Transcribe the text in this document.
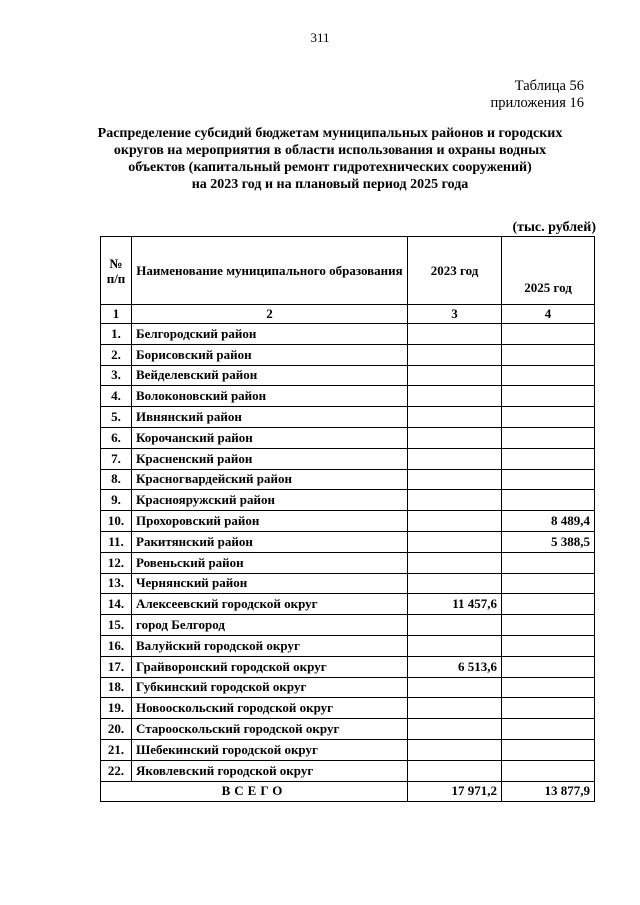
311
Таблица 56
приложения 16
Распределение субсидий бюджетам муниципальных районов и городских
округов на мероприятия в области использования и охраны водных
объектов (капитальный ремонт гидротехнических сооружений)
на 2023 год и на плановый период 2025 года
(тыс. рублей)
№ п/п	Наименование муниципального образования	2023 год	2025 год
1	2	3	4
1.	Белгородский район		
2.	Борисовский район		
3.	Вейделевский район		
4.	Волоконовский район		
5.	Ивнянский район		
6.	Корочанский район		
7.	Красненский район		
8.	Красногвардейский район		
9.	Краснояружский район		
10.	Прохоровский район		8 489,4
11.	Ракитянский район		5 388,5
12.	Ровеньский район		
13.	Чернянский район		
14.	Алексеевский городской округ	11 457,6	
15.	город Белгород		
16.	Валуйский городской округ		
17.	Грайворонский городской округ	6 513,6	
18.	Губкинский городской округ		
19.	Новооскольский городской округ		
20.	Старооскольский городской округ		
21.	Шебекинский городской округ		
22.	Яковлевский городской округ		
ВСЕГО		17 971,2	13 877,9
